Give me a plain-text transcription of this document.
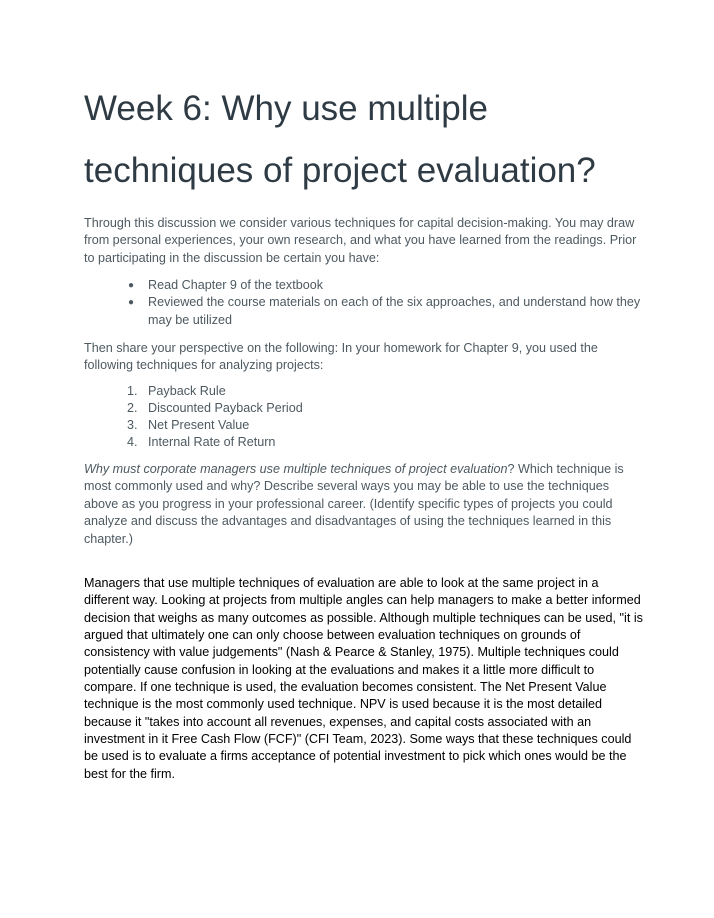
Week 6: Why use multiple
techniques of project evaluation?

Through this discussion we consider various techniques for capital decision-making. You may draw from personal experiences, your own research, and what you have learned from the readings. Prior to participating in the discussion be certain you have:

● Read Chapter 9 of the textbook
● Reviewed the course materials on each of the six approaches, and understand how they may be utilized

Then share your perspective on the following: In your homework for Chapter 9, you used the following techniques for analyzing projects:

1. Payback Rule
2. Discounted Payback Period
3. Net Present Value
4. Internal Rate of Return

Why must corporate managers use multiple techniques of project evaluation? Which technique is most commonly used and why? Describe several ways you may be able to use the techniques above as you progress in your professional career. (Identify specific types of projects you could analyze and discuss the advantages and disadvantages of using the techniques learned in this chapter.)

Managers that use multiple techniques of evaluation are able to look at the same project in a different way. Looking at projects from multiple angles can help managers to make a better informed decision that weighs as many outcomes as possible. Although multiple techniques can be used, "it is argued that ultimately one can only choose between evaluation techniques on grounds of consistency with value judgements" (Nash & Pearce & Stanley, 1975). Multiple techniques could potentially cause confusion in looking at the evaluations and makes it a little more difficult to compare. If one technique is used, the evaluation becomes consistent. The Net Present Value technique is the most commonly used technique. NPV is used because it is the most detailed because it "takes into account all revenues, expenses, and capital costs associated with an investment in it Free Cash Flow (FCF)" (CFI Team, 2023). Some ways that these techniques could be used is to evaluate a firms acceptance of potential investment to pick which ones would be the best for the firm.
